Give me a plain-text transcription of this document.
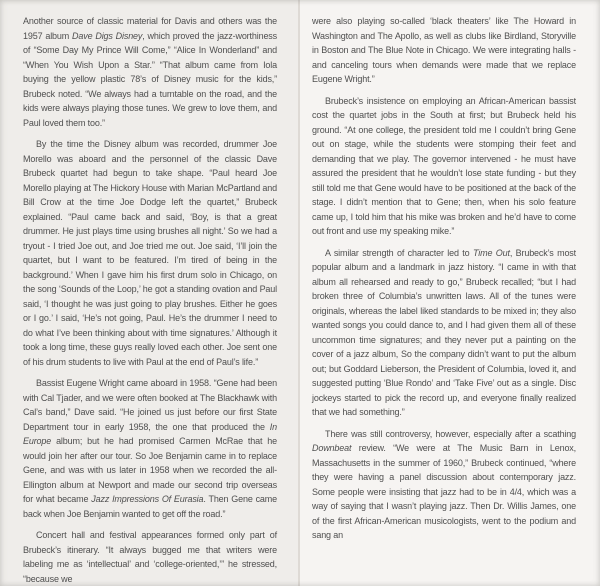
Another source of classic material for Davis and others was the 1957 album Dave Digs Disney, which proved the jazz-worthiness of “Some Day My Prince Will Come,” “Alice In Wonderland” and “When You Wish Upon a Star.” “That album came from Iola buying the yellow plastic 78’s of Disney music for the kids,” Brubeck noted. “We always had a turntable on the road, and the kids were always playing those tunes. We grew to love them, and Paul loved them too.”

By the time the Disney album was recorded, drummer Joe Morello was aboard and the personnel of the classic Dave Brubeck quartet had begun to take shape. “Paul heard Joe Morello playing at The Hickory House with Marian McPartland and Bill Crow at the time Joe Dodge left the quartet,” Brubeck explained. “Paul came back and said, ‘Boy, is that a great drummer. He just plays time using brushes all night.’ So we had a tryout - I tried Joe out, and Joe tried me out. Joe said, ‘I’ll join the quartet, but I want to be featured. I’m tired of being in the background.’ When I gave him his first drum solo in Chicago, on the song ‘Sounds of the Loop,’ he got a standing ovation and Paul said, ‘I thought he was just going to play brushes. Either he goes or I go.’ I said, ‘He’s not going, Paul. He’s the drummer I need to do what I’ve been thinking about with time signatures.’ Although it took a long time, these guys really loved each other. Joe sent one of his drum students to live with Paul at the end of Paul’s life.”

Bassist Eugene Wright came aboard in 1958. “Gene had been with Cal Tjader, and we were often booked at The Blackhawk with Cal’s band,” Dave said. “He joined us just before our first State Department tour in early 1958, the one that produced the In Europe album; but he had promised Carmen McRae that he would join her after our tour. So Joe Benjamin came in to replace Gene, and was with us later in 1958 when we recorded the all-Ellington album at Newport and made our second trip overseas for what became Jazz Impressions Of Eurasia. Then Gene came back when Joe Benjamin wanted to get off the road.”

Concert hall and festival appearances formed only part of Brubeck’s itinerary. “It always bugged me that writers were labeling me as ‘intellectual’ and ‘college-oriented,’” he stressed, “because we

were also playing so-called ‘black theaters’ like The Howard in Washington and The Apollo, as well as clubs like Birdland, Storyville in Boston and The Blue Note in Chicago. We were integrating halls - and canceling tours when demands were made that we replace Eugene Wright.”

Brubeck’s insistence on employing an African-American bassist cost the quartet jobs in the South at first; but Brubeck held his ground. “At one college, the president told me I couldn’t bring Gene out on stage, while the students were stomping their feet and demanding that we play. The governor intervened - he must have assured the president that he wouldn’t lose state funding - but they still told me that Gene would have to be positioned at the back of the stage. I didn’t mention that to Gene; then, when his solo feature came up, I told him that his mike was broken and he’d have to come out front and use my speaking mike.”

A similar strength of character led to Time Out, Brubeck’s most popular album and a landmark in jazz history. “I came in with that album all rehearsed and ready to go,” Brubeck recalled; “but I had broken three of Columbia’s unwritten laws. All of the tunes were originals, whereas the label liked standards to be mixed in; they also wanted songs you could dance to, and I had given them all of these uncommon time signatures; and they never put a painting on the cover of a jazz album, So the company didn’t want to put the album out; but Goddard Lieberson, the President of Columbia, loved it, and suggested putting ‘Blue Rondo’ and ‘Take Five’ out as a single. Disc jockeys started to pick the record up, and everyone finally realized that we had something.”

There was still controversy, however, especially after a scathing Downbeat review. “We were at The Music Barn in Lenox, Massachusetts in the summer of 1960,” Brubeck continued, “where they were having a panel discussion about contemporary jazz. Some people were insisting that jazz had to be in 4/4, which was a way of saying that I wasn’t playing jazz. Then Dr. Willis James, one of the first African-American musicologists, went to the podium and sang an
